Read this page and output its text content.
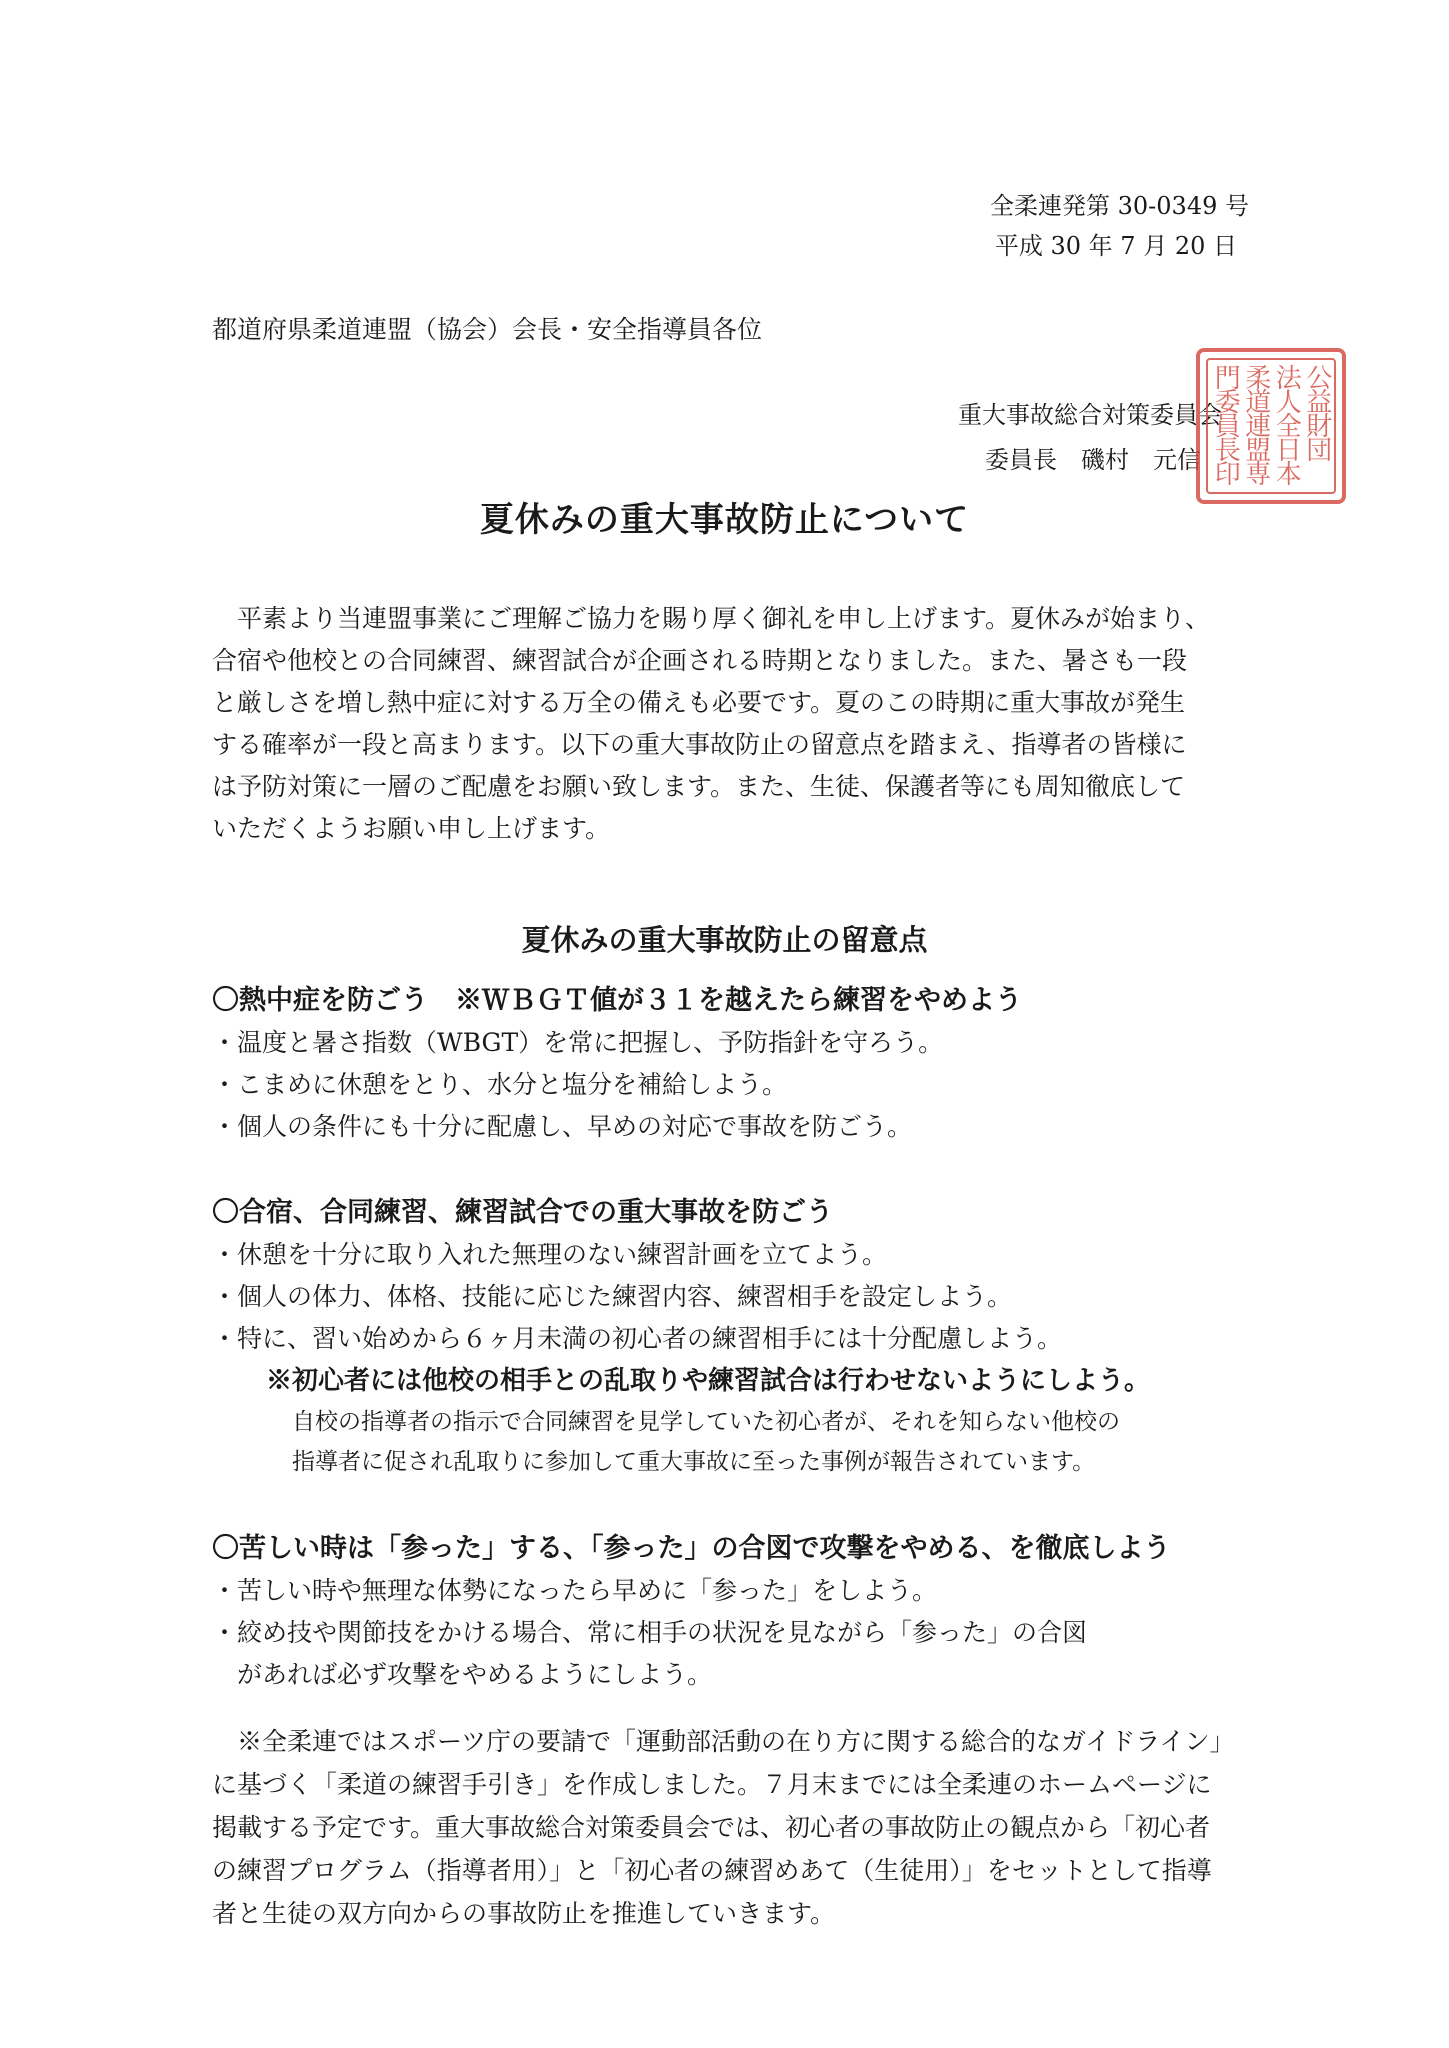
全柔連発第 30-0349 号
平成 30 年 7 月 20 日
都道府県柔道連盟（協会）会長・安全指導員各位
重大事故総合対策委員会
委員長　磯村　元信	公益財団
法人全日本
柔道連盟専
門委員長印
夏休みの重大事故防止について
　平素より当連盟事業にご理解ご協力を賜り厚く御礼を申し上げます。夏休みが始まり、
合宿や他校との合同練習、練習試合が企画される時期となりました。また、暑さも一段
と厳しさを増し熱中症に対する万全の備えも必要です。夏のこの時期に重大事故が発生
する確率が一段と高まります。以下の重大事故防止の留意点を踏まえ、指導者の皆様に
は予防対策に一層のご配慮をお願い致します。また、生徒、保護者等にも周知徹底して
いただくようお願い申し上げます。
夏休みの重大事故防止の留意点
〇熱中症を防ごう　※ＷＢＧＴ値が３１を越えたら練習をやめよう
・温度と暑さ指数（WBGT）を常に把握し、予防指針を守ろう。
・こまめに休憩をとり、水分と塩分を補給しよう。
・個人の条件にも十分に配慮し、早めの対応で事故を防ごう。
〇合宿、合同練習、練習試合での重大事故を防ごう
・休憩を十分に取り入れた無理のない練習計画を立てよう。
・個人の体力、体格、技能に応じた練習内容、練習相手を設定しよう。
・特に、習い始めから６ヶ月未満の初心者の練習相手には十分配慮しよう。
※初心者には他校の相手との乱取りや練習試合は行わせないようにしよう。
自校の指導者の指示で合同練習を見学していた初心者が、それを知らない他校の
指導者に促され乱取りに参加して重大事故に至った事例が報告されています。
〇苦しい時は「参った」する、「参った」の合図で攻撃をやめる、を徹底しよう
・苦しい時や無理な体勢になったら早めに「参った」をしよう。
・絞め技や関節技をかける場合、常に相手の状況を見ながら「参った」の合図
　があれば必ず攻撃をやめるようにしよう。
　※全柔連ではスポーツ庁の要請で「運動部活動の在り方に関する総合的なガイドライン」
に基づく「柔道の練習手引き」を作成しました。７月末までには全柔連のホームページに
掲載する予定です。重大事故総合対策委員会では、初心者の事故防止の観点から「初心者
の練習プログラム（指導者用）」と「初心者の練習めあて（生徒用）」をセットとして指導
者と生徒の双方向からの事故防止を推進していきます。
